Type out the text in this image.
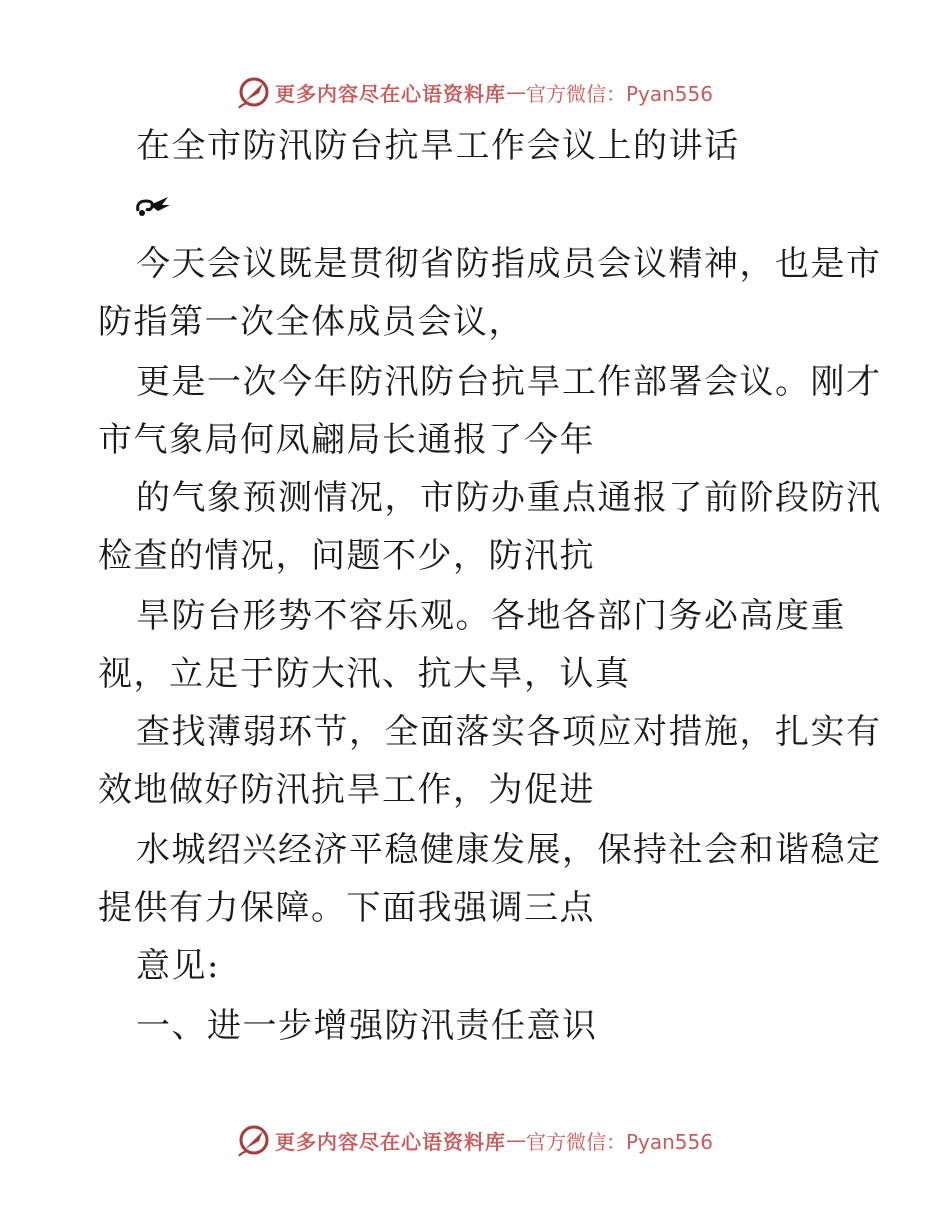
更多内容尽在心语资料库 — 官方微信：Pyan556
在全市防汛防台抗旱工作会议上的讲话
今天会议既是贯彻省防指成员会议精神，也是市
防指第一次全体成员会议，
更是一次今年防汛防台抗旱工作部署会议。刚才
市气象局何凤翩局长通报了今年
的气象预测情况，市防办重点通报了前阶段防汛
检查的情况，问题不少，防汛抗
旱防台形势不容乐观。各地各部门务必高度重
视，立足于防大汛、抗大旱，认真
查找薄弱环节，全面落实各项应对措施，扎实有
效地做好防汛抗旱工作，为促进
水城绍兴经济平稳健康发展，保持社会和谐稳定
提供有力保障。下面我强调三点
意见:
一、进一步增强防汛责任意识
更多内容尽在心语资料库 — 官方微信：Pyan556
